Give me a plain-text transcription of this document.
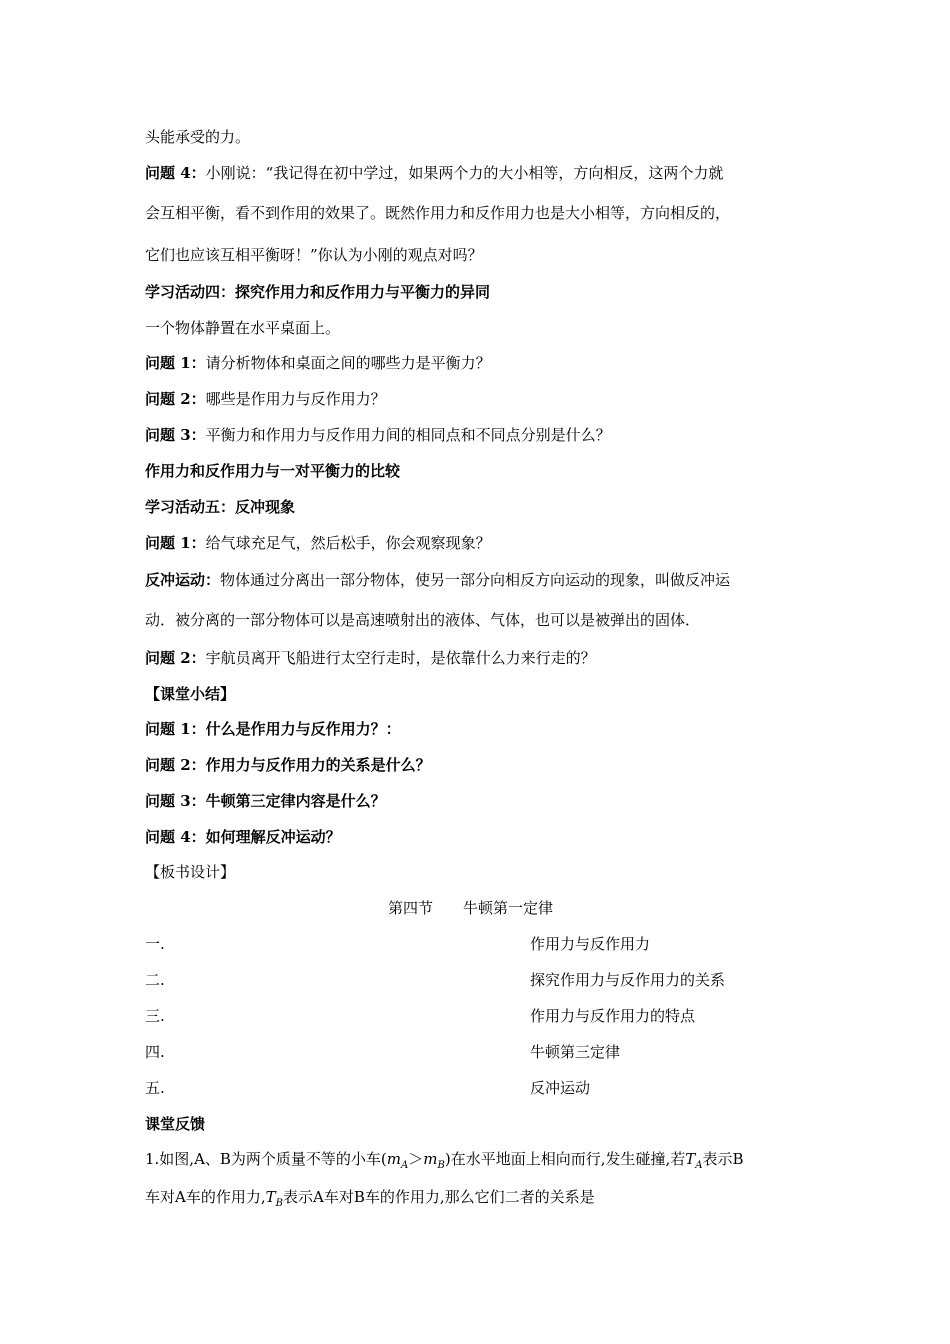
头能承受的力。
问题 4：小刚说：“我记得在初中学过，如果两个力的大小相等，方向相反，这两个力就
会互相平衡，看不到作用的效果了。既然作用力和反作用力也是大小相等，方向相反的，
它们也应该互相平衡呀！”你认为小刚的观点对吗？
学习活动四：探究作用力和反作用力与平衡力的异同
一个物体静置在水平桌面上。
问题 1：请分析物体和桌面之间的哪些力是平衡力？
问题 2：哪些是作用力与反作用力？
问题 3：平衡力和作用力与反作用力间的相同点和不同点分别是什么？
作用力和反作用力与一对平衡力的比较
学习活动五：反冲现象
问题 1：给气球充足气，然后松手，你会观察现象？
反冲运动：物体通过分离出一部分物体，使另一部分向相反方向运动的现象，叫做反冲运
动．被分离的一部分物体可以是高速喷射出的液体、气体，也可以是被弹出的固体．
问题 2：宇航员离开飞船进行太空行走时，是依靠什么力来行走的？
【课堂小结】
问题 1：什么是作用力与反作用力？：
问题 2：作用力与反作用力的关系是什么？
问题 3：牛顿第三定律内容是什么？
问题 4：如何理解反冲运动？
【板书设计】
第四节 牛顿第一定律
一.	作用力与反作用力
二.	探究作用力与反作用力的关系
三.	作用力与反作用力的特点
四.	牛顿第三定律
五.	反冲运动
课堂反馈
1.如图,A、B为两个质量不等的小车$(m_A>m_B)$在水平地面上相向而行,发生碰撞,若$T_A$表示B
车对A车的作用力$,T_B$表示A车对B车的作用力,那么它们二者的关系是
